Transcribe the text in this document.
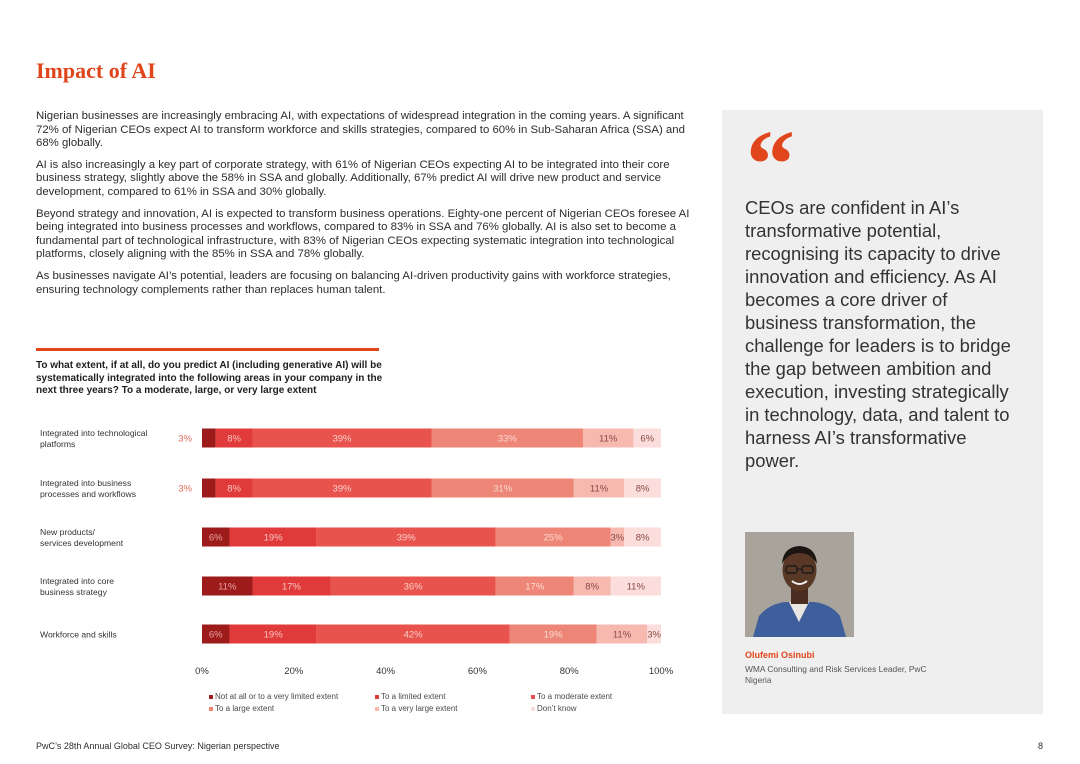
Impact of AI

Nigerian businesses are increasingly embracing AI, with expectations of widespread integration in the coming years. A significant 72% of Nigerian CEOs expect AI to transform workforce and skills strategies, compared to 60% in Sub-Saharan Africa (SSA) and 68% globally.

AI is also increasingly a key part of corporate strategy, with 61% of Nigerian CEOs expecting AI to be integrated into their core business strategy, slightly above the 58% in SSA and globally. Additionally, 67% predict AI will drive new product and service development, compared to 61% in SSA and 30% globally.

Beyond strategy and innovation, AI is expected to transform business operations. Eighty-one percent of Nigerian CEOs foresee AI being integrated into business processes and workflows, compared to 83% in SSA and 76% globally. AI is also set to become a fundamental part of technological infrastructure, with 83% of Nigerian CEOs expecting systematic integration into technological platforms, closely aligning with the 85% in SSA and 78% globally.

As businesses navigate AI’s potential, leaders are focusing on balancing AI-driven productivity gains with workforce strategies, ensuring technology complements rather than replaces human talent.

To what extent, if at all, do you predict AI (including generative AI) will be systematically integrated into the following areas in your company in the next three years? To a moderate, large, or very large extent
Integrated into technological
platforms	3%	8%	39%	33%	11% 6%
Integrated into business
processes and workflows	3%	8%	39%	31%	11%	8%
New products/
services development	6%	19%	39%	25%	3% 8%
Integrated into core
business strategy	11%	17%	36%	17%	8%	11%
Workforce and skills	6%	19%	42%	19%	11% 3%
0%	20%	40%	60%	80%	100%
Not at all or to a very limited extent	To a limited extent	To a moderate extent
To a large extent	To a very large extent	Don’t know
“

CEOs are confident in AI’s transformative potential, recognising its capacity to drive innovation and efficiency. As AI becomes a core driver of business transformation, the challenge for leaders is to bridge the gap between ambition and execution, investing strategically in technology, data, and talent to harness AI’s transformative power.

Olufemi Osinubi
WMA Consulting and Risk Services Leader, PwC Nigeria
PwC’s 28th Annual Global CEO Survey: Nigerian perspective	8
